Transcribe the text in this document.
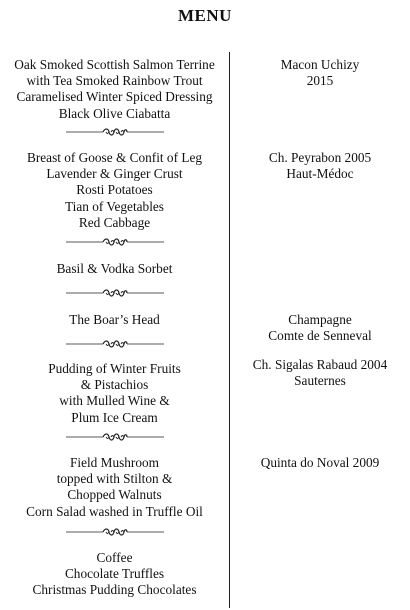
MENU
Oak Smoked Scottish Salmon Terrine
with Tea Smoked Rainbow Trout
Caramelised Winter Spiced Dressing
Black Olive Ciabatta
Breast of Goose & Confit of Leg
Lavender & Ginger Crust
Rosti Potatoes
Tian of Vegetables
Red Cabbage
Basil & Vodka Sorbet
The Boar’s Head
Pudding of Winter Fruits
& Pistachios
with Mulled Wine &
Plum Ice Cream
Field Mushroom
topped with Stilton &
Chopped Walnuts
Corn Salad washed in Truffle Oil
Coffee
Chocolate Truffles
Christmas Pudding Chocolates
Macon Uchizy
2015
Ch. Peyrabon 2005
Haut-Médoc
Champagne
Comte de Senneval
Ch. Sigalas Rabaud 2004
Sauternes
Quinta do Noval 2009
